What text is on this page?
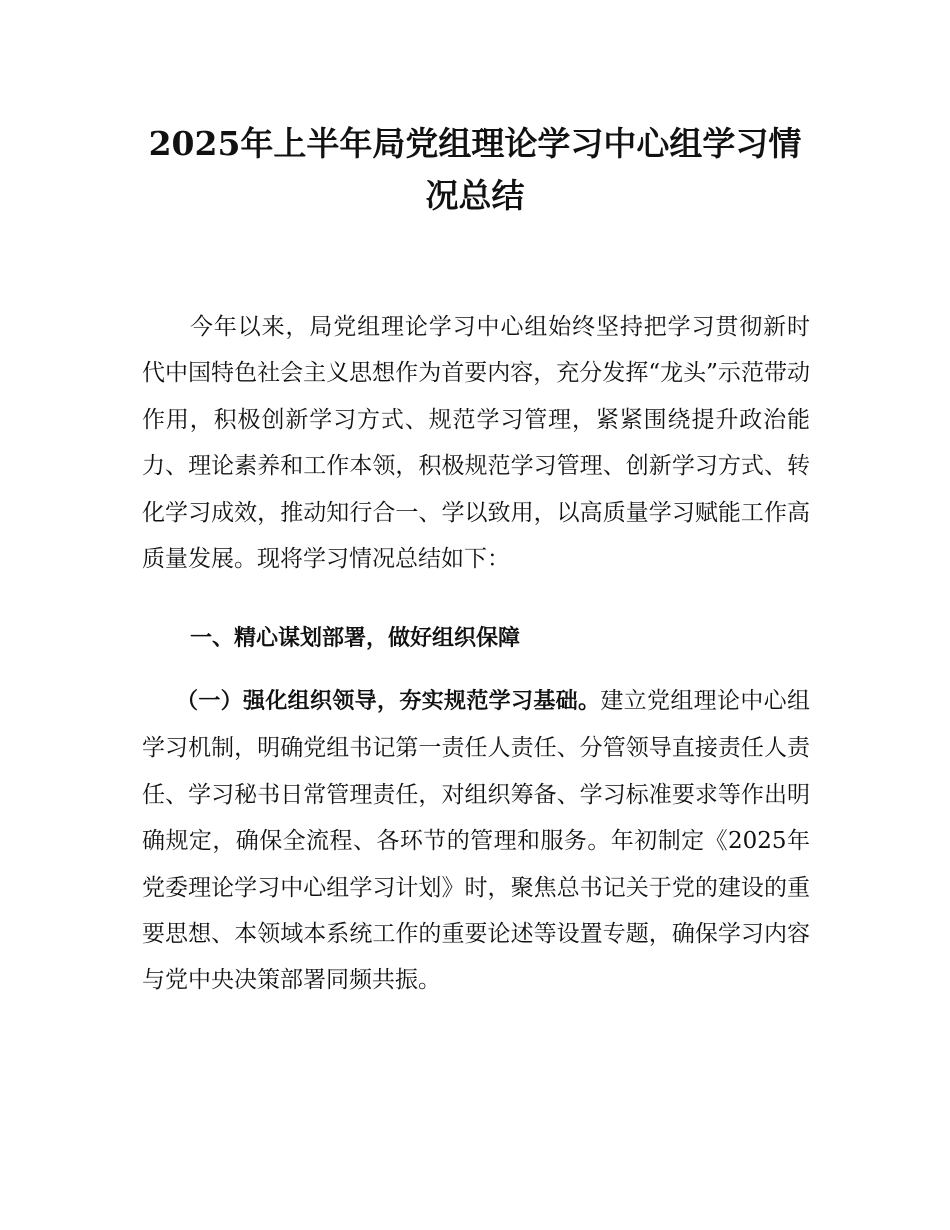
2025年上半年局党组理论学习中心组学习情况总结

今年以来，局党组理论学习中心组始终坚持把学习贯彻新时代中国特色社会主义思想作为首要内容，充分发挥“龙头”示范带动作用，积极创新学习方式、规范学习管理，紧紧围绕提升政治能力、理论素养和工作本领，积极规范学习管理、创新学习方式、转化学习成效，推动知行合一、学以致用，以高质量学习赋能工作高质量发展。现将学习情况总结如下：

一、精心谋划部署，做好组织保障

（一）强化组织领导，夯实规范学习基础。建立党组理论中心组学习机制，明确党组书记第一责任人责任、分管领导直接责任人责任、学习秘书日常管理责任，对组织筹备、学习标准要求等作出明确规定，确保全流程、各环节的管理和服务。年初制定《2025年党委理论学习中心组学习计划》时，聚焦总书记关于党的建设的重要思想、本领域本系统工作的重要论述等设置专题，确保学习内容与党中央决策部署同频共振。
